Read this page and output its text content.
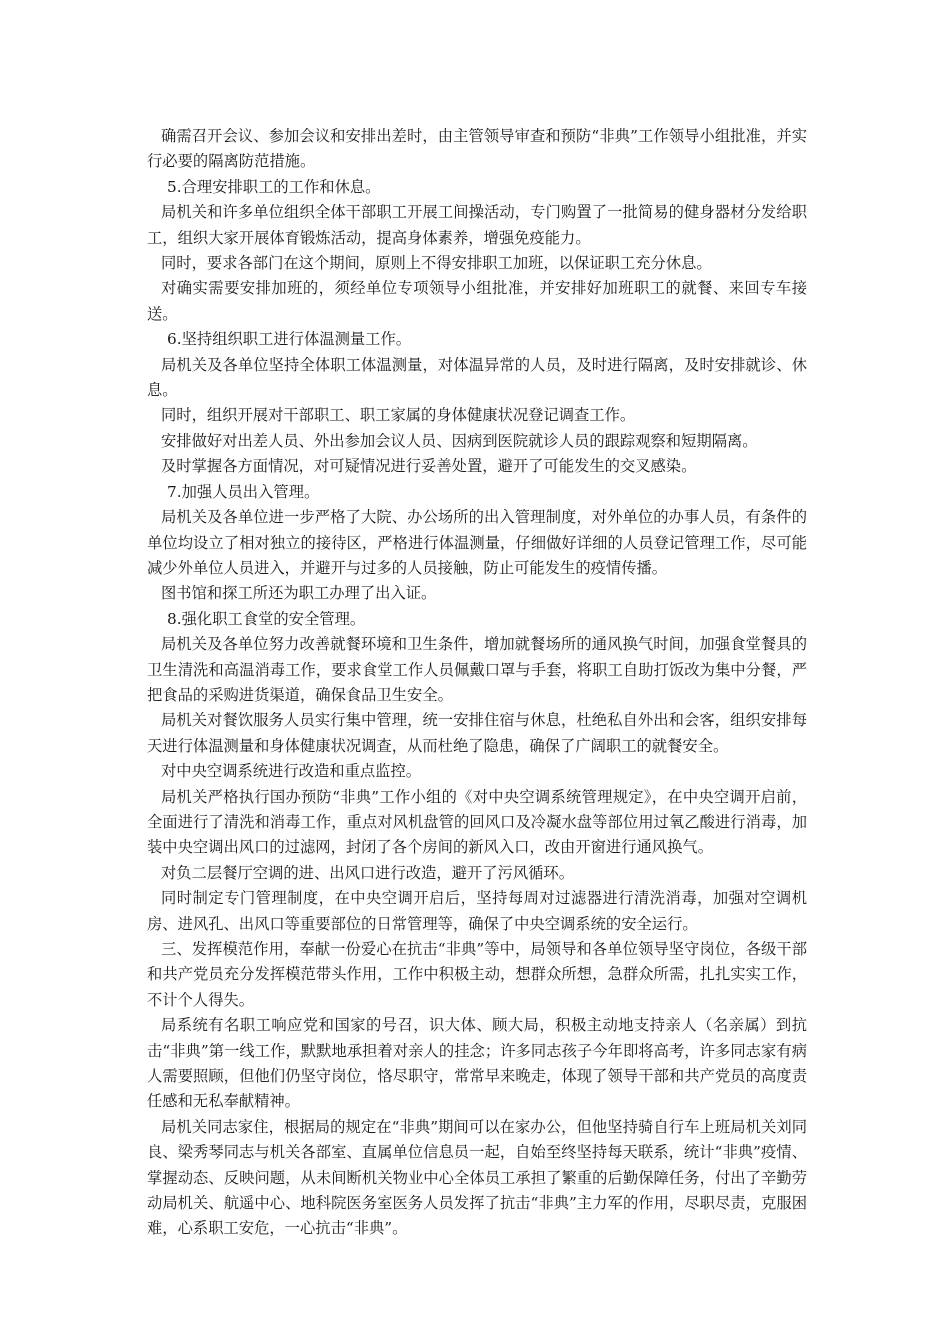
确需召开会议、参加会议和安排出差时，由主管领导审查和预防“非典”工作领导小组批准，并实行必要的隔离防范措施。

5.合理安排职工的工作和休息。

局机关和许多单位组织全体干部职工开展工间操活动，专门购置了一批简易的健身器材分发给职工，组织大家开展体育锻炼活动，提高身体素养，增强免疫能力。

同时，要求各部门在这个期间，原则上不得安排职工加班，以保证职工充分休息。

对确实需要安排加班的，须经单位专项领导小组批准，并安排好加班职工的就餐、来回专车接送。

6.坚持组织职工进行体温测量工作。

局机关及各单位坚持全体职工体温测量，对体温异常的人员，及时进行隔离，及时安排就诊、休息。

同时，组织开展对干部职工、职工家属的身体健康状况登记调查工作。

安排做好对出差人员、外出参加会议人员、因病到医院就诊人员的跟踪观察和短期隔离。

及时掌握各方面情况，对可疑情况进行妥善处置，避开了可能发生的交叉感染。

7.加强人员出入管理。

局机关及各单位进一步严格了大院、办公场所的出入管理制度，对外单位的办事人员，有条件的单位均设立了相对独立的接待区，严格进行体温测量，仔细做好详细的人员登记管理工作，尽可能减少外单位人员进入，并避开与过多的人员接触，防止可能发生的疫情传播。

图书馆和探工所还为职工办理了出入证。

8.强化职工食堂的安全管理。

局机关及各单位努力改善就餐环境和卫生条件，增加就餐场所的通风换气时间，加强食堂餐具的卫生清洗和高温消毒工作，要求食堂工作人员佩戴口罩与手套，将职工自助打饭改为集中分餐，严把食品的采购进货渠道，确保食品卫生安全。

局机关对餐饮服务人员实行集中管理，统一安排住宿与休息，杜绝私自外出和会客，组织安排每天进行体温测量和身体健康状况调查，从而杜绝了隐患，确保了广阔职工的就餐安全。

对中央空调系统进行改造和重点监控。

局机关严格执行国办预防“非典”工作小组的《对中央空调系统管理规定》，在中央空调开启前，全面进行了清洗和消毒工作，重点对风机盘管的回风口及冷凝水盘等部位用过氧乙酸进行消毒，加装中央空调出风口的过滤网，封闭了各个房间的新风入口，改由开窗进行通风换气。

对负二层餐厅空调的进、出风口进行改造，避开了污风循环。

同时制定专门管理制度，在中央空调开启后，坚持每周对过滤器进行清洗消毒，加强对空调机房、进风孔、出风口等重要部位的日常管理等，确保了中央空调系统的安全运行。

三、发挥模范作用，奉献一份爱心在抗击“非典”等中，局领导和各单位领导坚守岗位，各级干部和共产党员充分发挥模范带头作用，工作中积极主动，想群众所想，急群众所需，扎扎实实工作，不计个人得失。

局系统有名职工响应党和国家的号召，识大体、顾大局，积极主动地支持亲人（名亲属）到抗击“非典”第一线工作，默默地承担着对亲人的挂念；许多同志孩子今年即将高考，许多同志家有病人需要照顾，但他们仍坚守岗位，恪尽职守，常常早来晚走，体现了领导干部和共产党员的高度责任感和无私奉献精神。

局机关同志家住，根据局的规定在“非典”期间可以在家办公，但他坚持骑自行车上班局机关刘同良、梁秀琴同志与机关各部室、直属单位信息员一起，自始至终坚持每天联系，统计“非典”疫情、掌握动态、反映问题，从未间断机关物业中心全体员工承担了繁重的后勤保障任务，付出了辛勤劳动局机关、航遥中心、地科院医务室医务人员发挥了抗击“非典”主力军的作用，尽职尽责，克服困难，心系职工安危，一心抗击“非典”。
